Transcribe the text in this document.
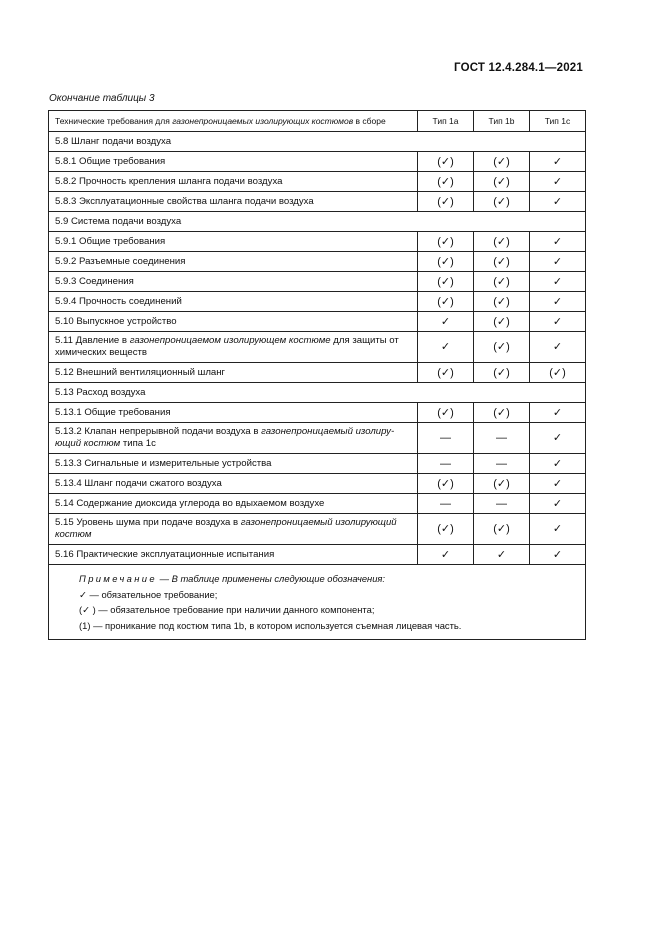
ГОСТ 12.4.284.1—2021
Окончание таблицы 3
Технические требования для газонепроницаемых изолирующих костюмов в сборе	Тип 1а	Тип 1b	Тип 1с
5.8 Шланг подачи воздуха			
5.8.1 Общие требования	(✓)	(✓)	✓
5.8.2 Прочность крепления шланга подачи воздуха	(✓)	(✓)	✓
5.8.3 Эксплуатационные свойства шланга подачи воздуха	(✓)	(✓)	✓
5.9 Система подачи воздуха			
5.9.1 Общие требования	(✓)	(✓)	✓
5.9.2 Разъемные соединения	(✓)	(✓)	✓
5.9.3 Соединения	(✓)	(✓)	✓
5.9.4 Прочность соединений	(✓)	(✓)	✓
5.10 Выпускное устройство	✓	(✓)	✓
5.11 Давление в газонепроницаемом изолирующем костюме для защиты от химических веществ	✓	(✓)	✓
5.12 Внешний вентиляционный шланг	(✓)	(✓)	(✓)
5.13 Расход воздуха			
5.13.1 Общие требования	(✓)	(✓)	✓
5.13.2 Клапан непрерывной подачи воздуха в газонепроницаемый изолиру-ющий костюм типа 1с	—	—	✓
5.13.3 Сигнальные и измерительные устройства	—	—	✓
5.13.4 Шланг подачи сжатого воздуха	(✓)	(✓)	✓
5.14 Содержание диоксида углерода во вдыхаемом воздухе	—	—	✓
5.15 Уровень шума при подаче воздуха в газонепроницаемый изолирующий костюм	(✓)	(✓)	✓
5.16 Практические эксплуатационные испытания	✓	✓	✓

Примечание — В таблице применены следующие обозначения:
✓ — обязательное требование;
(✓ ) — обязательное требование при наличии данного компонента;
(1) — проникание под костюм типа 1b, в котором используется съемная лицевая часть.			
